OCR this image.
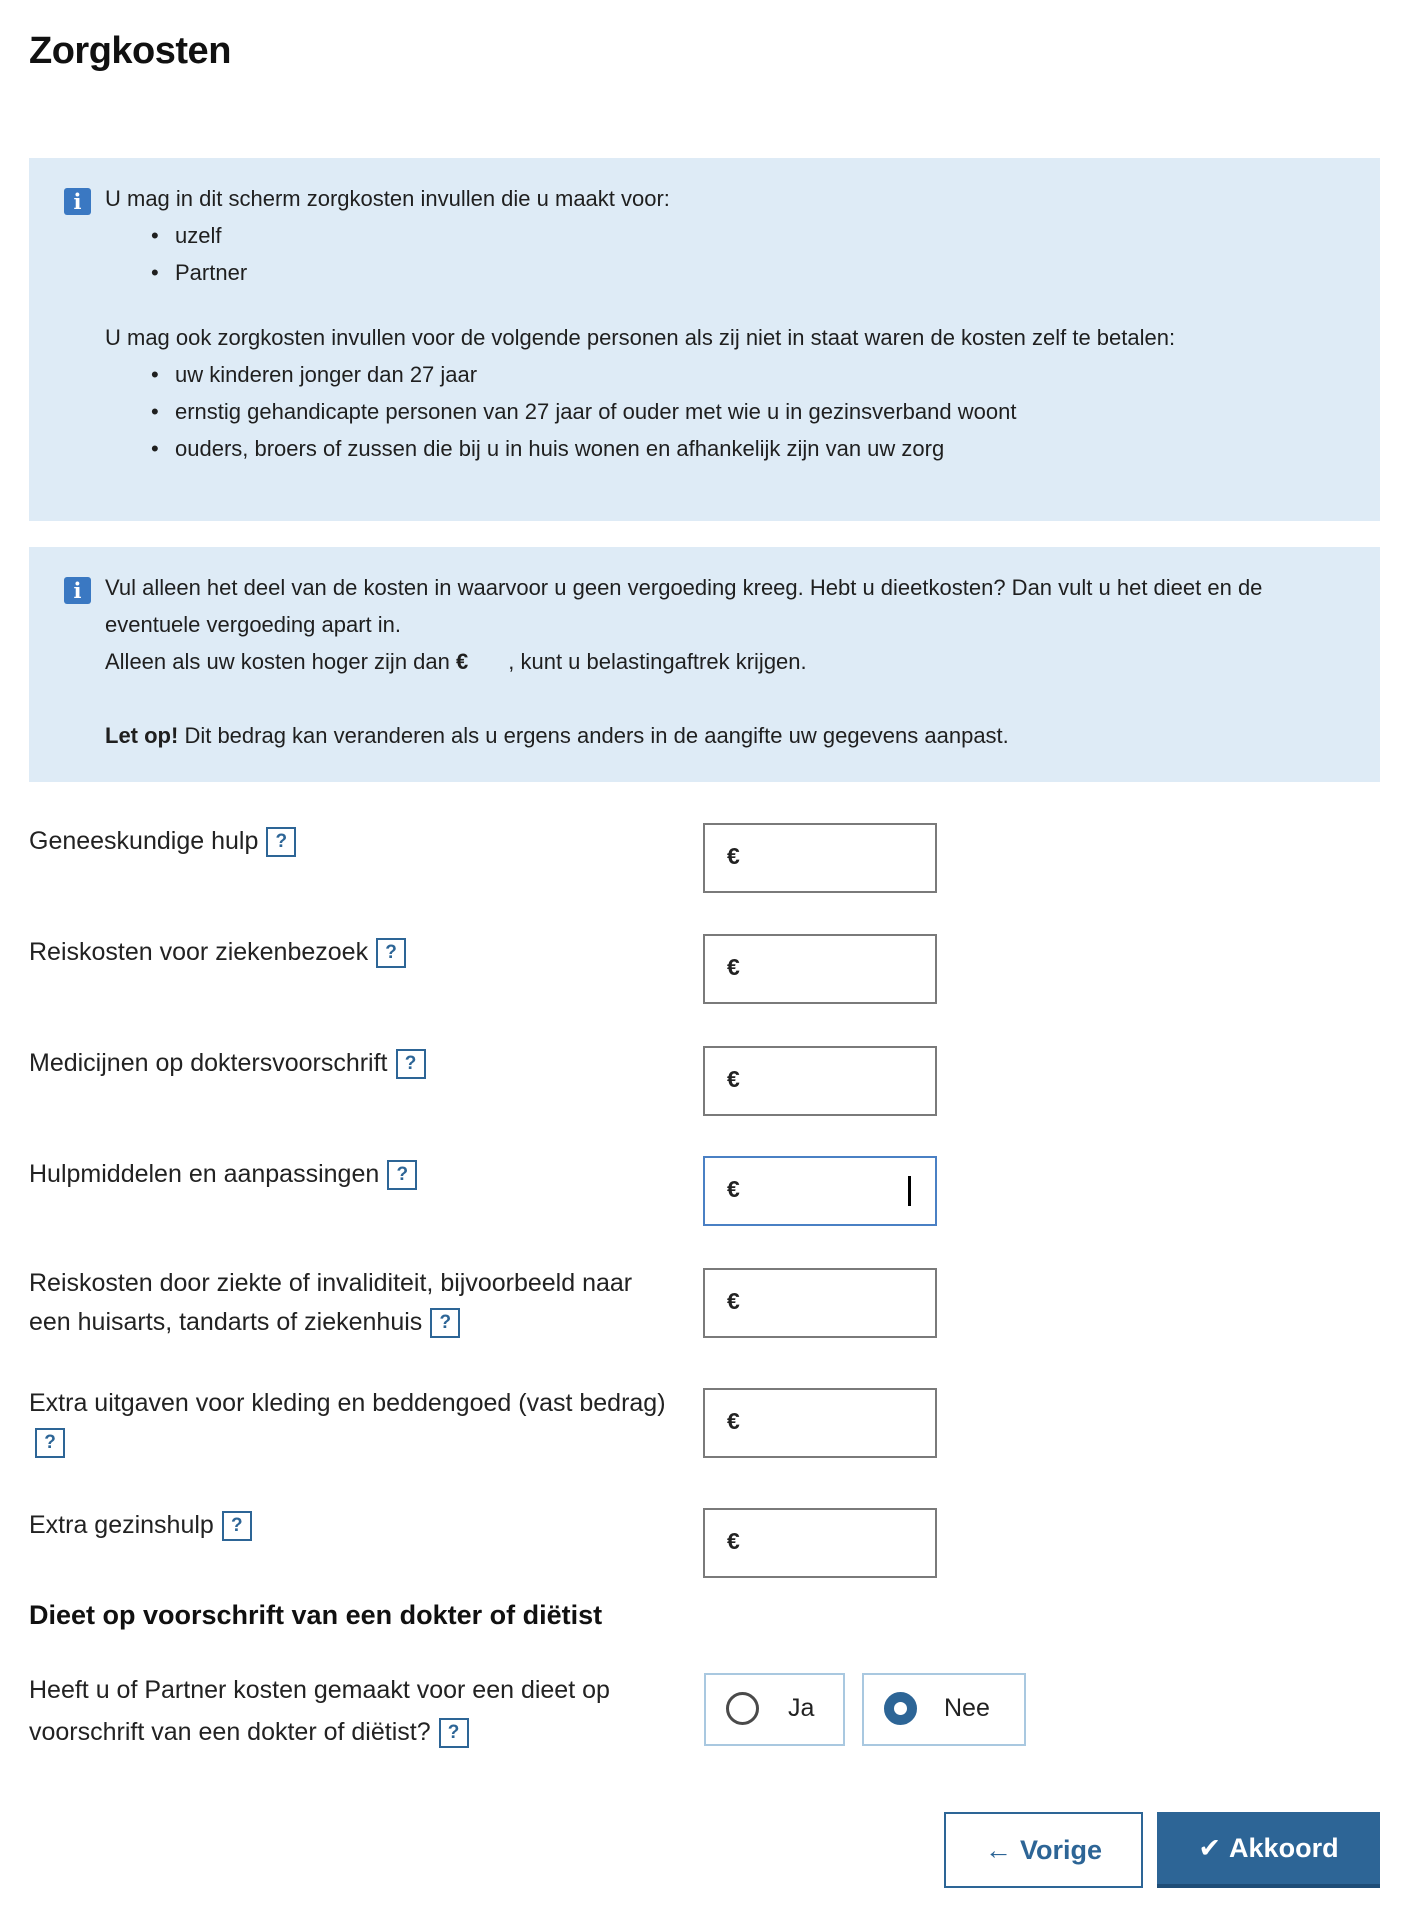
Zorgkosten
i	U mag in dit scherm zorgkosten invullen die u maakt voor:

• uzelf
• Partner

U mag ook zorgkosten invullen voor de volgende personen als zij niet in staat waren de kosten zelf te betalen:

• uw kinderen jonger dan 27 jaar
• ernstig gehandicapte personen van 27 jaar of ouder met wie u in gezinsverband woont
• ouders, broers of zussen die bij u in huis wonen en afhankelijk zijn van uw zorg
i	Vul alleen het deel van de kosten in waarvoor u geen vergoeding kreeg. Hebt u dieetkosten? Dan vult u het dieet en de eventuele vergoeding apart in.

Alleen als uw kosten hoger zijn dan € , kunt u belastingaftrek krijgen.

Let op! Dit bedrag kan veranderen als u ergens anders in de aangifte uw gegevens aanpast.

Geneeskundige hulp ?
€
Reiskosten voor ziekenbezoek ?
€
Medicijnen op doktersvoorschrift ?
€
Hulpmiddelen en aanpassingen ?
€
Reiskosten door ziekte of invaliditeit, bijvoorbeeld naar een huisarts, tandarts of ziekenhuis ?
€
Extra uitgaven voor kleding en beddengoed (vast bedrag)
?
€
Extra gezinshulp ?
€
Dieet op voorschrift van een dokter of diëtist
Heeft u of Partner kosten gemaakt voor een dieet op voorschrift van een dokter of diëtist? ?
Ja	Nee
← Vorige	✔ Akkoord
